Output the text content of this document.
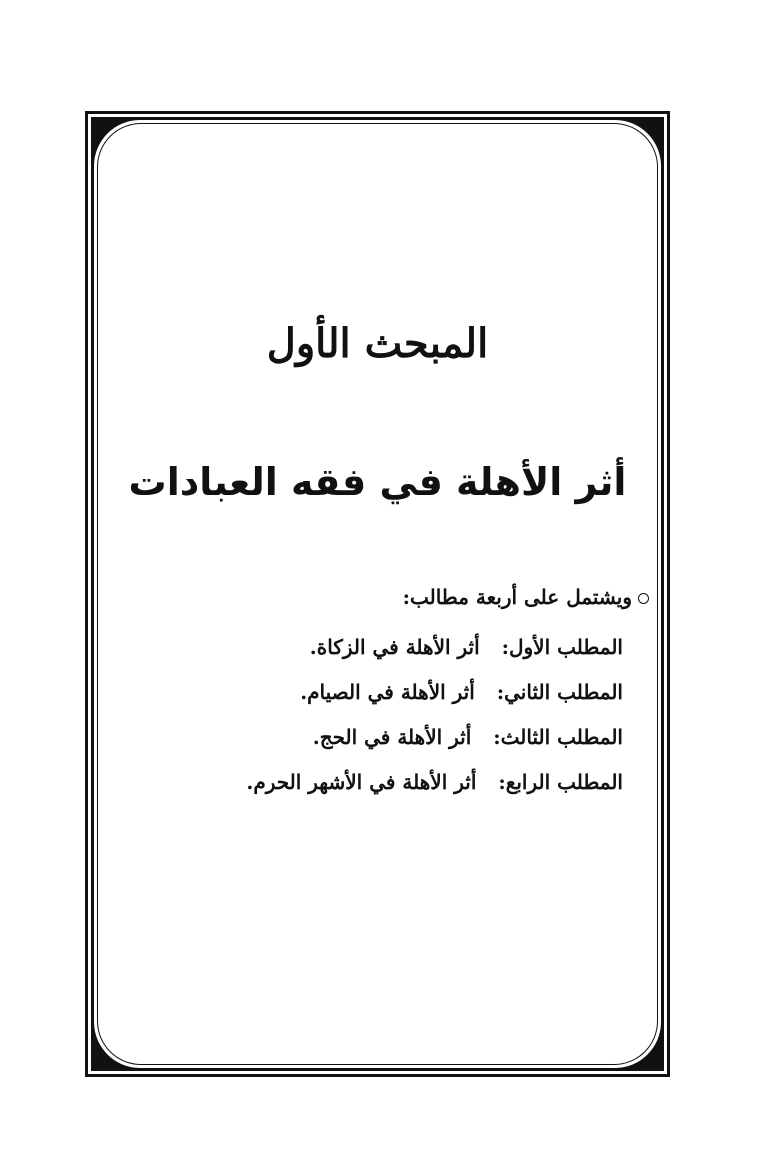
المبحث الأول
أثر الأهلة في فقه العبادات
ويشتمل على أربعة مطالب:
المطلب الأول:  أثر الأهلة في الزكاة.
المطلب الثاني:  أثر الأهلة في الصيام.
المطلب الثالث:  أثر الأهلة في الحج.
المطلب الرابع:  أثر الأهلة في الأشهر الحرم.
